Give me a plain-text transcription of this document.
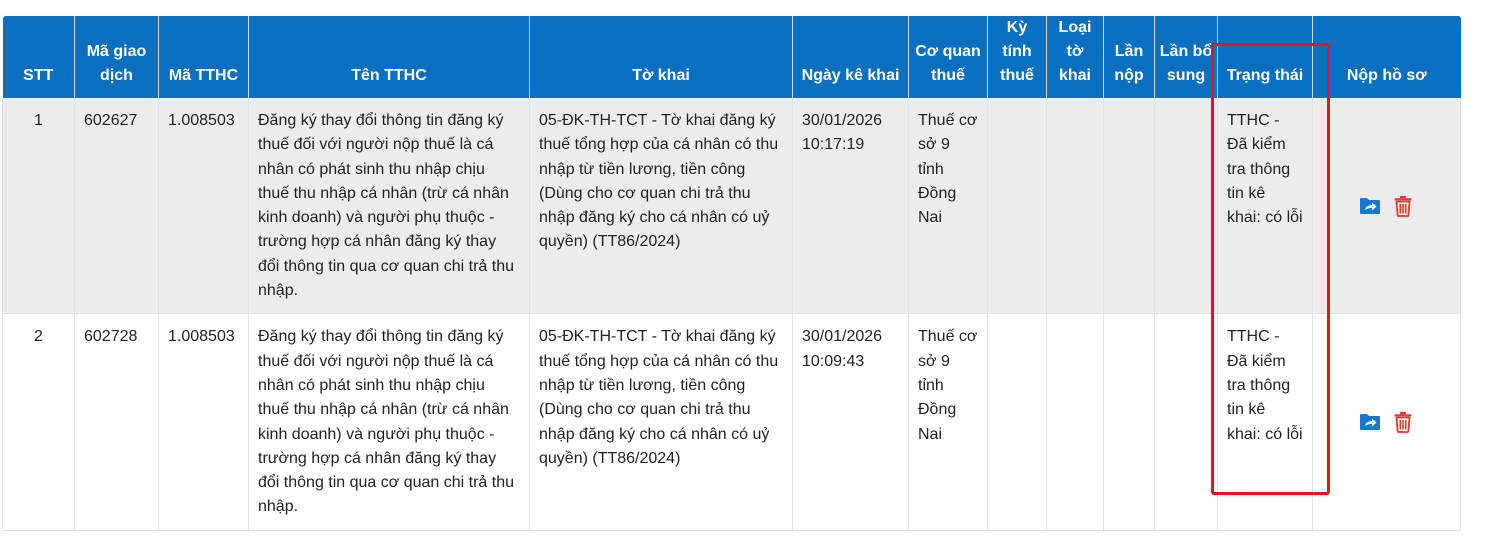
STT	Mã giao dịch	Mã TTHC	Tên TTHC	Tờ khai	Ngày kê khai	Cơ quan thuế	Kỳ tính thuế	Loại tờ khai	Lần nộp	Lần bổ sung	Trạng thái	Nộp hồ sơ
1	602627	1.008503	Đăng ký thay đổi thông tin đăng ký thuế đối với người nộp thuế là cá nhân có phát sinh thu nhập chịu thuế thu nhập cá nhân (trừ cá nhân kinh doanh) và người phụ thuộc - trường hợp cá nhân đăng ký thay đổi thông tin qua cơ quan chi trả thu nhập.	05-ĐK-TH-TCT - Tờ khai đăng ký thuế tổng hợp của cá nhân có thu nhập từ tiền lương, tiền công (Dùng cho cơ quan chi trả thu nhập đăng ký cho cá nhân có uỷ quyền) (TT86/2024)	30/01/2026 10:17:19	Thuế cơ sở 9 tỉnh Đồng Nai					TTHC - Đã kiểm tra thông tin kê khai: có lỗi	
2	602728	1.008503	Đăng ký thay đổi thông tin đăng ký thuế đối với người nộp thuế là cá nhân có phát sinh thu nhập chịu thuế thu nhập cá nhân (trừ cá nhân kinh doanh) và người phụ thuộc - trường hợp cá nhân đăng ký thay đổi thông tin qua cơ quan chi trả thu nhập.	05-ĐK-TH-TCT - Tờ khai đăng ký thuế tổng hợp của cá nhân có thu nhập từ tiền lương, tiền công (Dùng cho cơ quan chi trả thu nhập đăng ký cho cá nhân có uỷ quyền) (TT86/2024)	30/01/2026 10:09:43	Thuế cơ sở 9 tỉnh Đồng Nai					TTHC - Đã kiểm tra thông tin kê khai: có lỗi	
